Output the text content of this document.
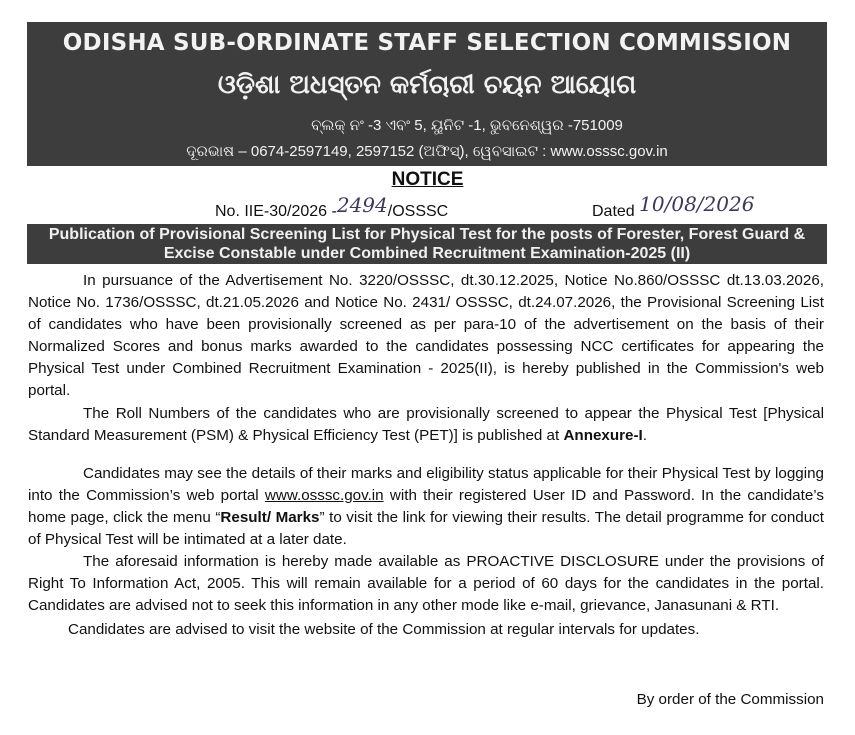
ODISHA SUB-ORDINATE STAFF SELECTION COMMISSION
ଓଡ଼ିଶା ଅଧସ୍ତନ କର୍ମଚାରୀ ଚୟନ ଆୟୋଗ
ବ୍ଲକ୍ ନଂ -3 ଏବଂ 5, ୟୁନିଟ -1, ଭୁବନେଶ୍ୱର -751009
ଦୂରଭାଷ – 0674-2597149, 2597152 (ଅଫିସ୍), ୱେବସାଇଟ : www.osssc.gov.in
NOTICE
No. IIE-30/2026 -2494/OSSSC	Dated 10/08/2026
Publication of Provisional Screening List for Physical Test for the posts of Forester, Forest Guard & Excise Constable under Combined Recruitment Examination-2025 (II)

In pursuance of the Advertisement No. 3220/OSSSC, dt.30.12.2025, Notice No.860/OSSSC dt.13.03.2026, Notice No. 1736/OSSSC, dt.21.05.2026 and Notice No. 2431/ OSSSC, dt.24.07.2026, the Provisional Screening List of candidates who have been provisionally screened as per para-10 of the advertisement on the basis of their Normalized Scores and bonus marks awarded to the candidates possessing NCC certificates for appearing the Physical Test under Combined Recruitment Examination - 2025(II), is hereby published in the Commission's web portal.

The Roll Numbers of the candidates who are provisionally screened to appear the Physical Test [Physical Standard Measurement (PSM) & Physical Efficiency Test (PET)] is published at Annexure-I.

Candidates may see the details of their marks and eligibility status applicable for their Physical Test by logging into the Commission’s web portal www.osssc.gov.in with their registered User ID and Password. In the candidate’s home page, click the menu “Result/ Marks” to visit the link for viewing their results. The detail programme for conduct of Physical Test will be intimated at a later date.

The aforesaid information is hereby made available as PROACTIVE DISCLOSURE under the provisions of Right To Information Act, 2005. This will remain available for a period of 60 days for the candidates in the portal. Candidates are advised not to seek this information in any other mode like e-mail, grievance, Janasunani & RTI.

Candidates are advised to visit the website of the Commission at regular intervals for updates.

By order of the Commission
